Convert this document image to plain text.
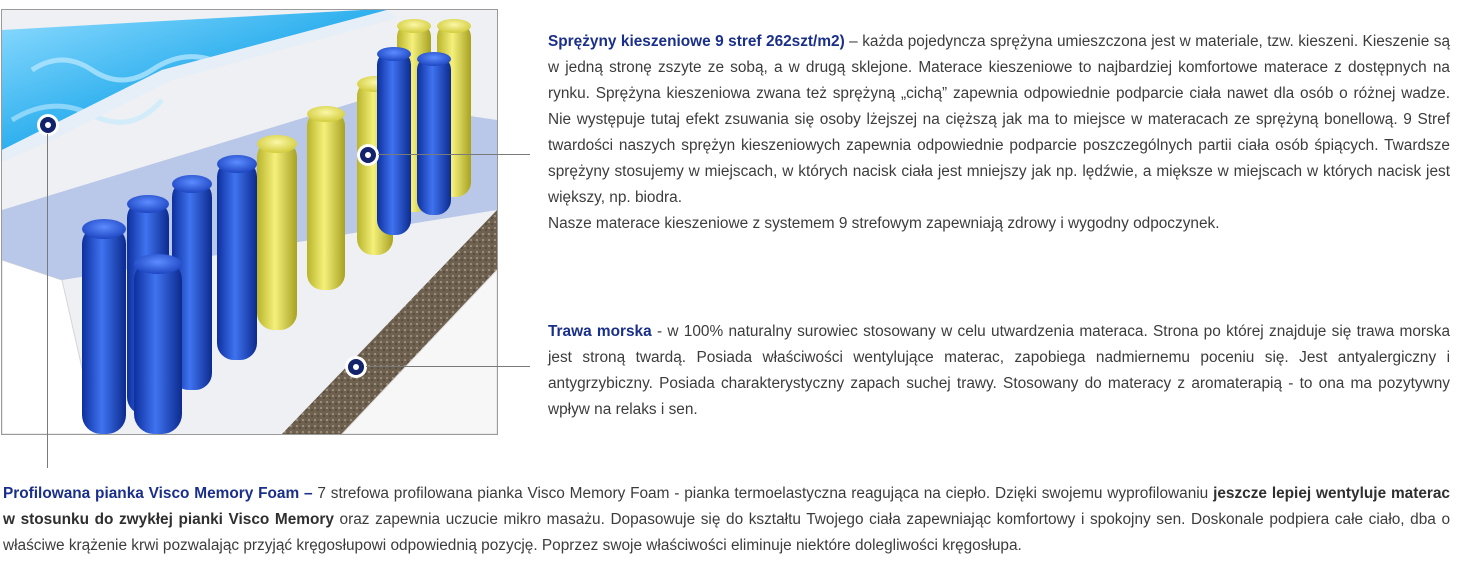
Sprężyny kieszeniowe 9 stref 262szt/m2) – każda pojedyncza sprężyna umieszczona jest w materiale, tzw. kieszeni. Kieszenie są w jedną stronę zszyte ze sobą, a w drugą sklejone. Materace kieszeniowe to najbardziej komfortowe materace z dostępnych na rynku. Sprężyna kieszeniowa zwana też sprężyną „cichą” zapewnia odpowiednie podparcie ciała nawet dla osób o różnej wadze. Nie występuje tutaj efekt zsuwania się osoby lżejszej na cięższą jak ma to miejsce w materacach ze sprężyną bonellową. 9 Stref twardości naszych sprężyn kieszeniowych zapewnia odpowiednie podparcie poszczególnych partii ciała osób śpiących. Twardsze sprężyny stosujemy w miejscach, w których nacisk ciała jest mniejszy jak np. lędźwie, a miększe w miejscach w których nacisk jest większy, np. biodra.

Nasze materace kieszeniowe z systemem 9 strefowym zapewniają zdrowy i wygodny odpoczynek.

Trawa morska - w 100% naturalny surowiec stosowany w celu utwardzenia materaca. Strona po której znajduje się trawa morska jest stroną twardą. Posiada właściwości wentylujące materac, zapobiega nadmiernemu poceniu się. Jest antyalergiczny i antygrzybiczny. Posiada charakterystyczny zapach suchej trawy. Stosowany do materacy z aromaterapią - to ona ma pozytywny wpływ na relaks i sen.

Profilowana pianka Visco Memory Foam – 7 strefowa profilowana pianka Visco Memory Foam - pianka termoelastyczna reagująca na ciepło. Dzięki swojemu wyprofilowaniu jeszcze lepiej wentyluje materac w stosunku do zwykłej pianki Visco Memory oraz zapewnia uczucie mikro masażu. Dopasowuje się do kształtu Twojego ciała zapewniając komfortowy i spokojny sen. Doskonale podpiera całe ciało, dba o właściwe krążenie krwi pozwalając przyjąć kręgosłupowi odpowiednią pozycję. Poprzez swoje właściwości eliminuje niektóre dolegliwości kręgosłupa.
